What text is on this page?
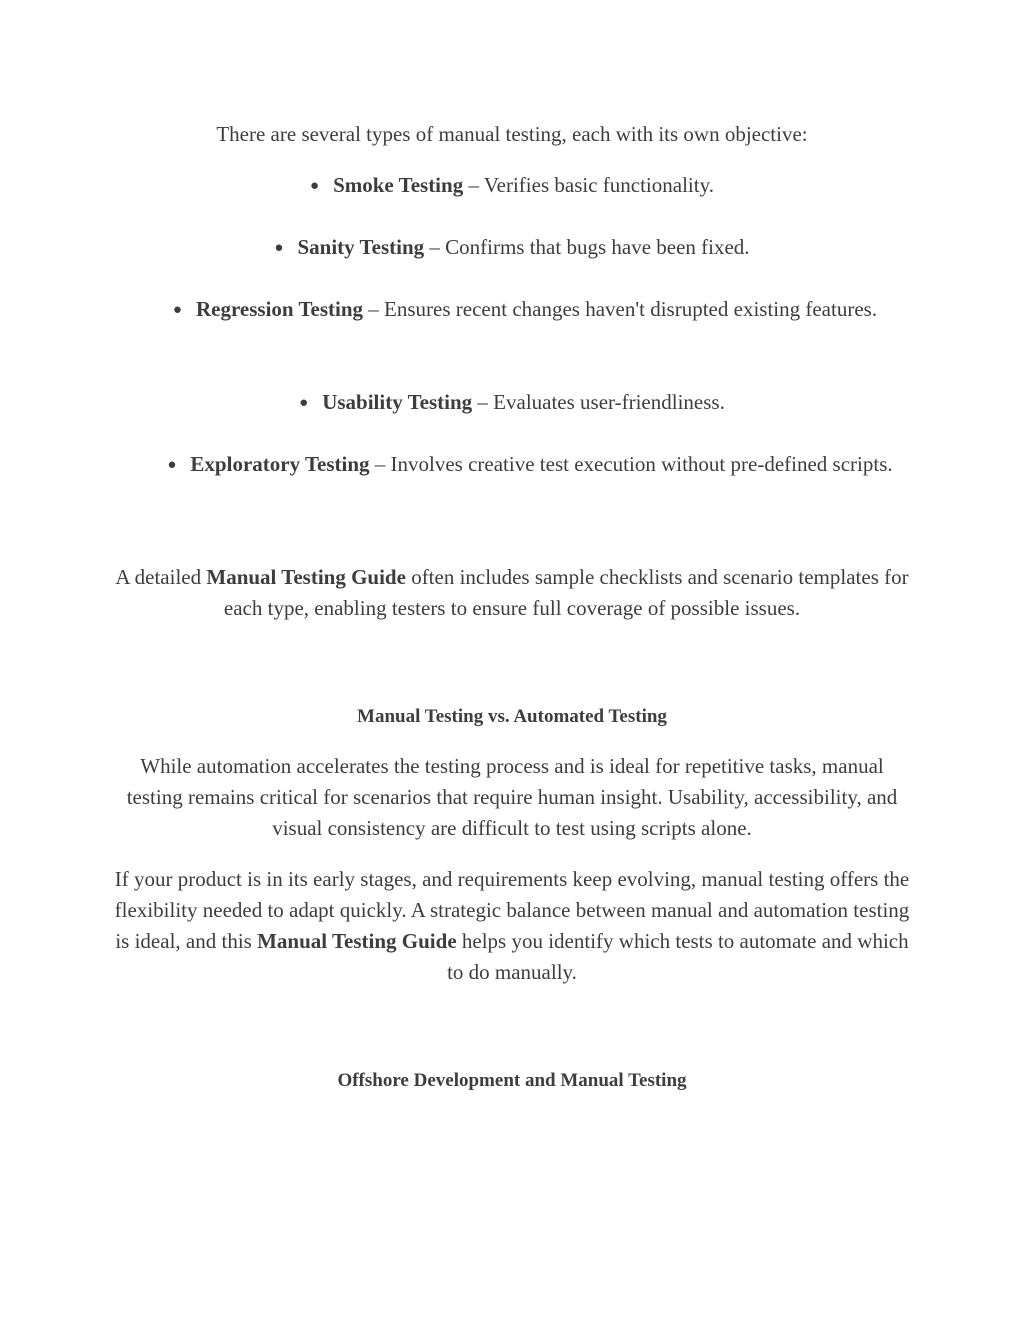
There are several types of manual testing, each with its own objective:
● Smoke Testing – Verifies basic functionality.
● Sanity Testing – Confirms that bugs have been fixed.
● Regression Testing – Ensures recent changes haven't disrupted existing features.
● Usability Testing – Evaluates user-friendliness.
● Exploratory Testing – Involves creative test execution without pre-defined scripts.
A detailed Manual Testing Guide often includes sample checklists and scenario templates for each type, enabling testers to ensure full coverage of possible issues.
Manual Testing vs. Automated Testing
While automation accelerates the testing process and is ideal for repetitive tasks, manual testing remains critical for scenarios that require human insight. Usability, accessibility, and visual consistency are difficult to test using scripts alone.
If your product is in its early stages, and requirements keep evolving, manual testing offers the flexibility needed to adapt quickly. A strategic balance between manual and automation testing is ideal, and this Manual Testing Guide helps you identify which tests to automate and which to do manually.
Offshore Development and Manual Testing
